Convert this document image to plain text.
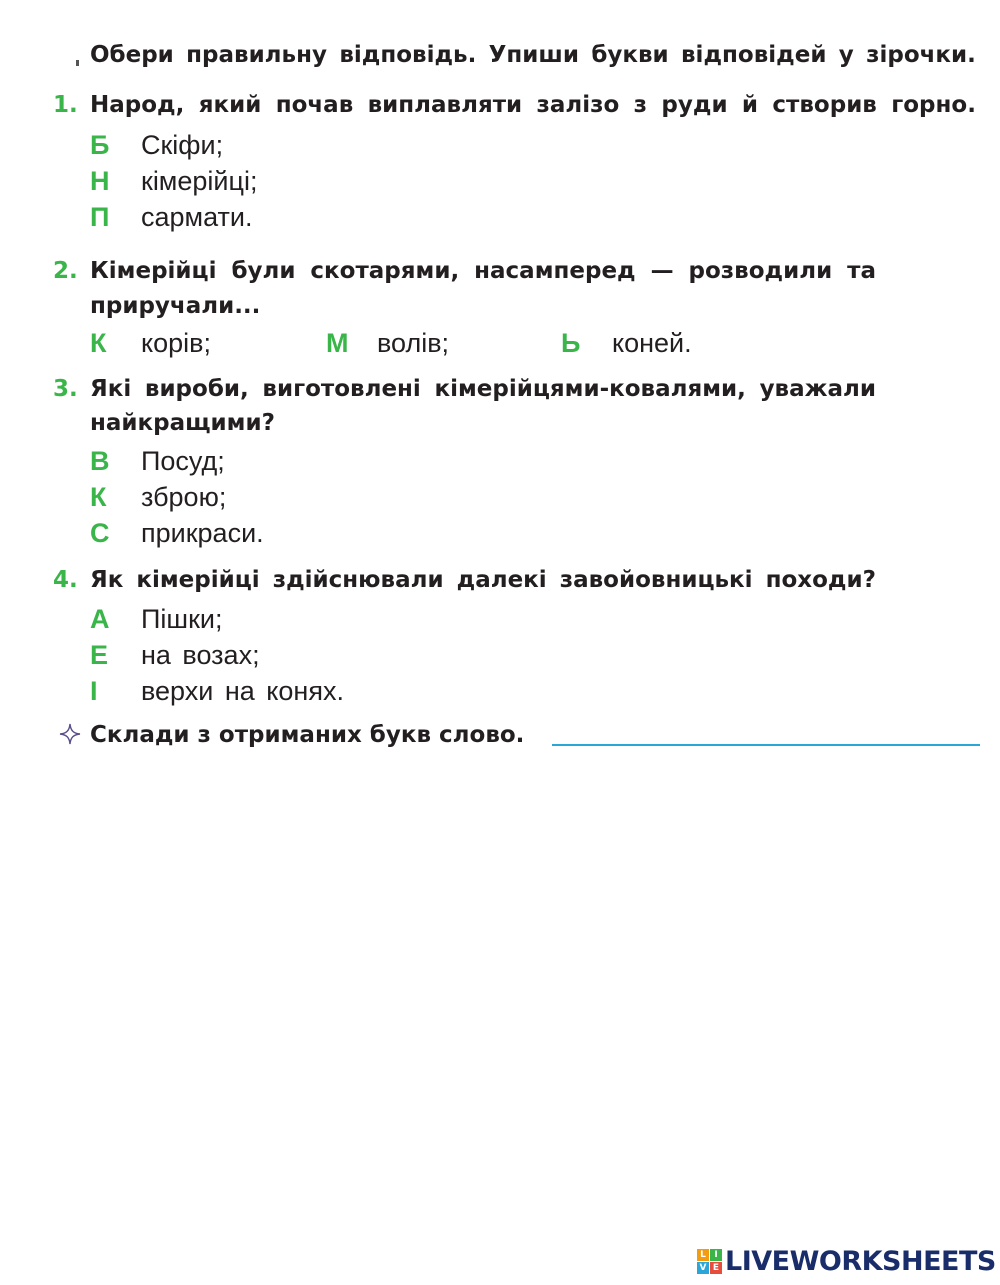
Обери правильну відповідь. Упиши букви відповідей у зірочки.
1. Народ, який почав виплавляти залізо з руди й створив горно.
Б Скіфи;
Н кімерійці;
П сармати.
2. Кімерійці були скотарями, насамперед — розводили та
приручали...
К корів;	М волів;	Ь коней.
3. Які вироби, виготовлені кімерійцями-ковалями, уважали
найкращими?
В Посуд;
К зброю;
С прикраси.
4. Як кімерійці здійснювали далекі завойовницькі походи?
А Пішки;
Е на возах;
І верхи на конях.
Склади з отриманих букв слово.
L I
V E LIVEWORKSHEETS
